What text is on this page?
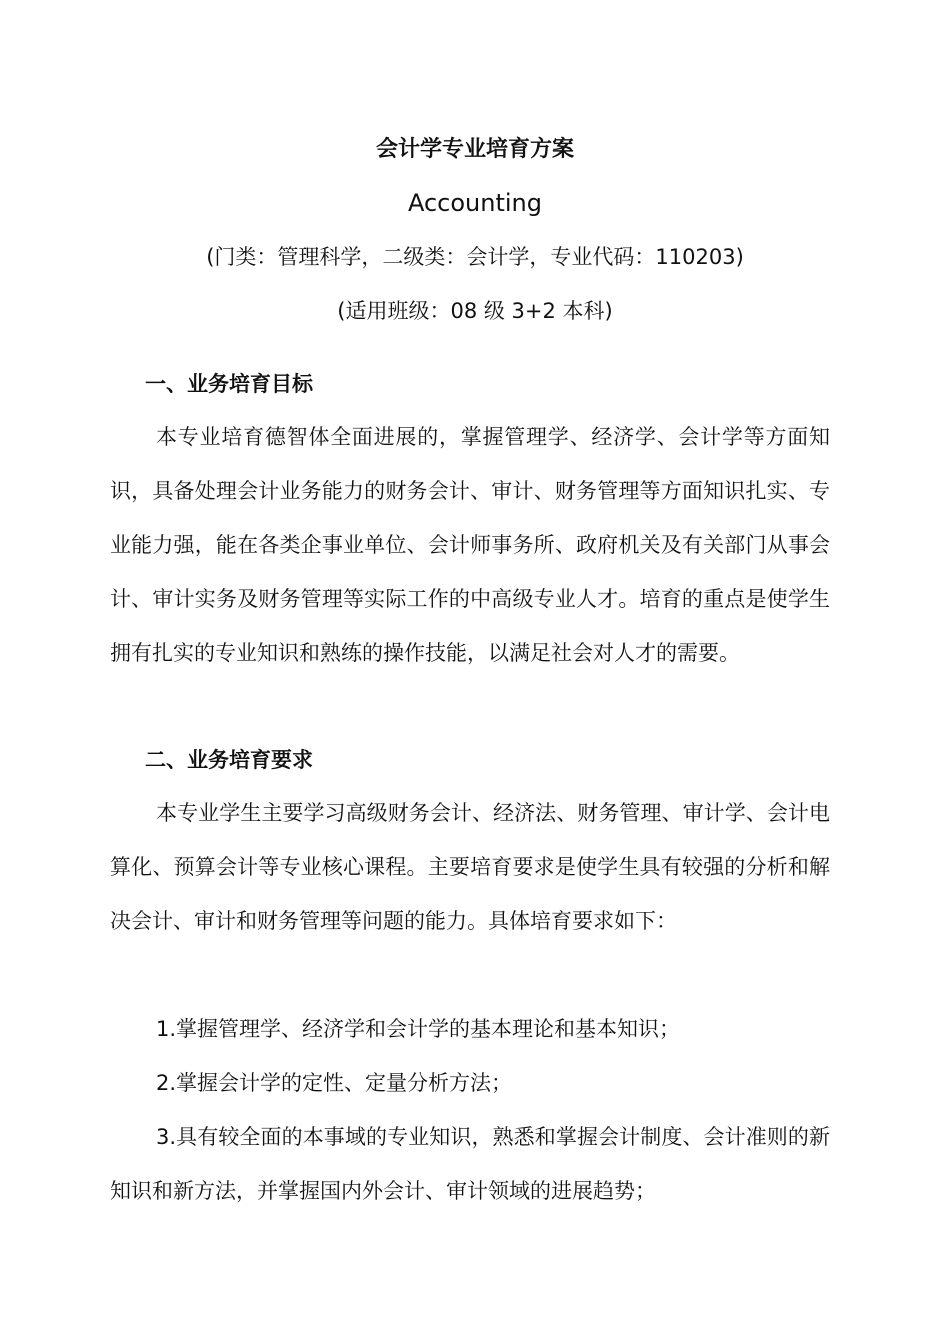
会计学专业培育方案
Accounting
(门类：管理科学，二级类：会计学，专业代码：110203)
(适用班级：08 级 3+2 本科)
一、业务培育目标

本专业培育德智体全面进展的，掌握管理学、经济学、会计学等方面知识，具备处理会计业务能力的财务会计、审计、财务管理等方面知识扎实、专业能力强，能在各类企事业单位、会计师事务所、政府机关及有关部门从事会计、审计实务及财务管理等实际工作的中高级专业人才。培育的重点是使学生拥有扎实的专业知识和熟练的操作技能，以满足社会对人才的需要。

二、业务培育要求

本专业学生主要学习高级财务会计、经济法、财务管理、审计学、会计电算化、预算会计等专业核心课程。主要培育要求是使学生具有较强的分析和解决会计、审计和财务管理等问题的能力。具体培育要求如下：

1.掌握管理学、经济学和会计学的基本理论和基本知识；
2.掌握会计学的定性、定量分析方法；
3.具有较全面的本事域的专业知识，熟悉和掌握会计制度、会计准则的新知识和新方法，并掌握国内外会计、审计领域的进展趋势；
